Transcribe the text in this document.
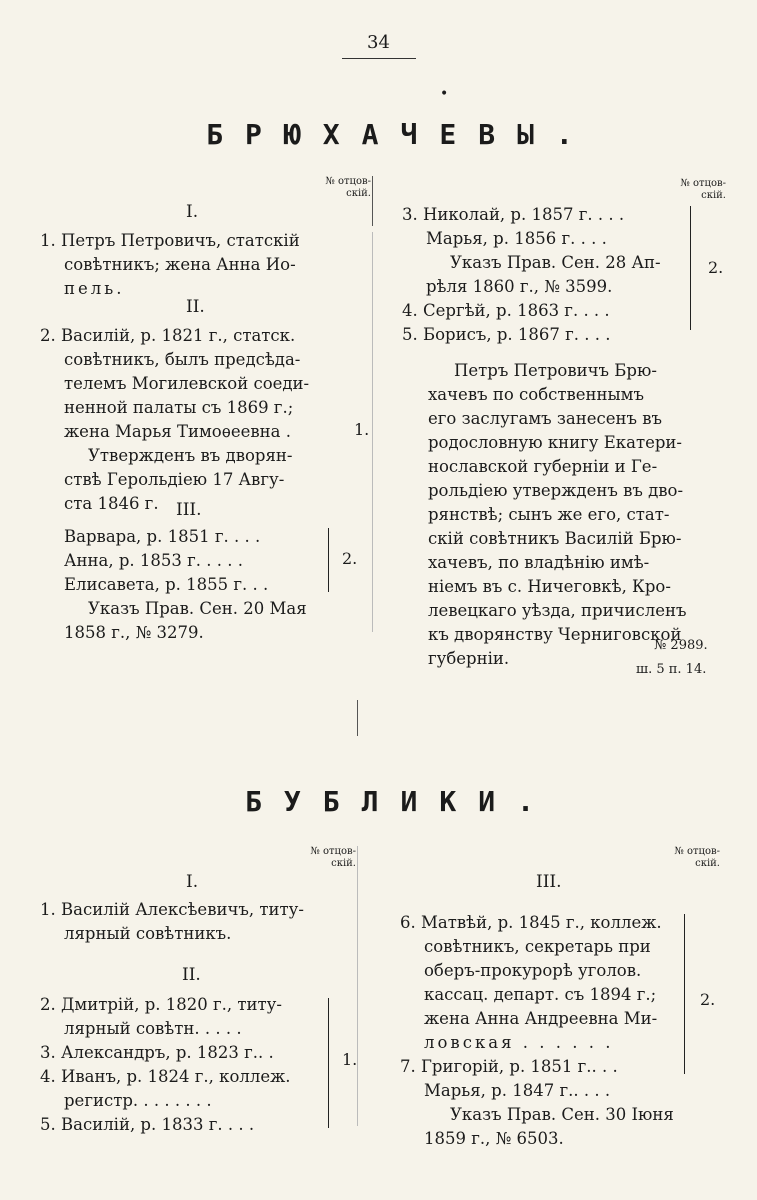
34
•
БРЮХАЧЕВЫ.
№ отцов-
скій.
№ отцов-
скій.
I.
1. Петръ Петровичъ, статскій
совѣтникъ; жена Анна Ио-
пель.
II.
2. Василій, р. 1821 г., статск.
совѣтникъ, былъ предсѣда-
телемъ Могилевской соеди-
ненной палаты съ 1869 г.;
жена Марья Тимоѳеевна .	1.
Утвержденъ въ дворян-
ствѣ Герольдіею 17 Авгу-
ста 1846 г. III.
Варвара, р. 1851 г. . . .
Анна, р. 1853 г. . . . .
Елисавета, р. 1855 г. . .
2.
Указъ Прав. Сен. 20 Мая
1858 г., № 3279.
3. Николай, р. 1857 г. . . .
Марья, р. 1856 г. . . .
Указъ Прав. Сен. 28 Ап-
рѣля 1860 г., № 3599.
4. Сергѣй, р. 1863 г. . . .
5. Борисъ, р. 1867 г. . . .
2.
Петръ Петровичъ Брю-
хачевъ по собственнымъ
его заслугамъ занесенъ въ
родословную книгу Екатери-
нославской губерніи и Ге-
рольдіею утвержденъ въ дво-
рянствѣ; сынъ же его, стат-
скій совѣтникъ Василій Брю-
хачевъ, по владѣнію имѣ-
ніемъ въ с. Ничеговкѣ, Кро-
левецкаго уѣзда, причисленъ
къ дворянству Черниговской
губерніи.
№ 2989.
ш. 5 п. 14.
БУБЛИКИ.
№ отцов-
скій.
№ отцов-
скій.
I.
1. Василій Алексѣевичъ, титу-
лярный совѣтникъ.
II.
2. Дмитрій, р. 1820 г., титу-
лярный совѣтн. . . . .
3. Александръ, р. 1823 г.. .
4. Иванъ, р. 1824 г., коллеж.
регистр. . . . . . . .
5. Василій, р. 1833 г. . . .
1.
III.
6. Матвѣй, р. 1845 г., коллеж.
совѣтникъ, секретарь при
оберъ-прокурорѣ уголов.
кассац. департ. съ 1894 г.;
жена Анна Андреевна Ми-
ловская . . . . . .
7. Григорій, р. 1851 г.. . .
Марья, р. 1847 г.. . . .
2.
Указъ Прав. Сен. 30 Іюня
1859 г., № 6503.
